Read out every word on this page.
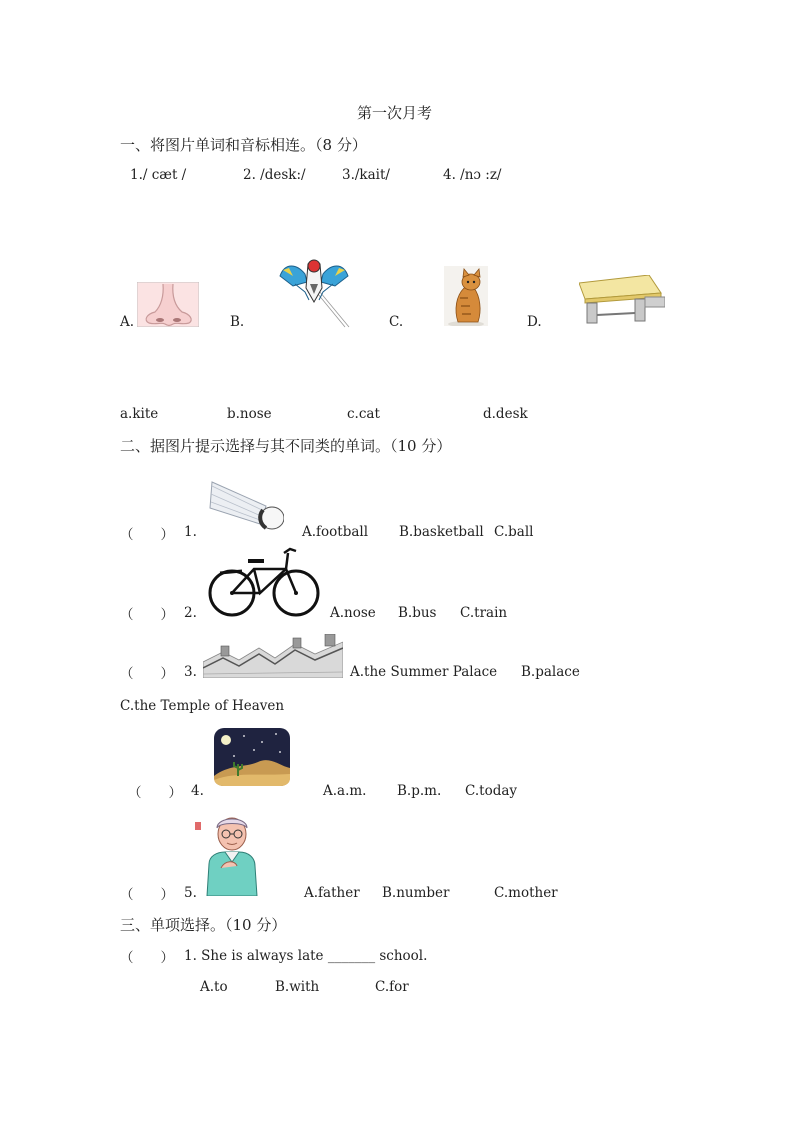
第一次月考
一、将图片单词和音标相连。（8 分）
1./ cæt /	2. /desk:/	3./kait/	4. /nɔ :z/
A.	B.	C.	D.
a.kite	b.nose	c.cat	d.desk
二、据图片提示选择与其不同类的单词。（10 分）
（　　） 1.	A.football B.basketball C.ball
（　　） 2.	A.nose B.bus C.train
（　　） 3.	A.the Summer Palace B.palace
C.the Temple of Heaven
（　　） 4.	A.a.m. B.p.m. C.today
（　　） 5.	A.father B.number	C.mother
三、单项选择。（10 分）
（　　） 1. She is always late _______ school.
A.to	B.with	C.for
